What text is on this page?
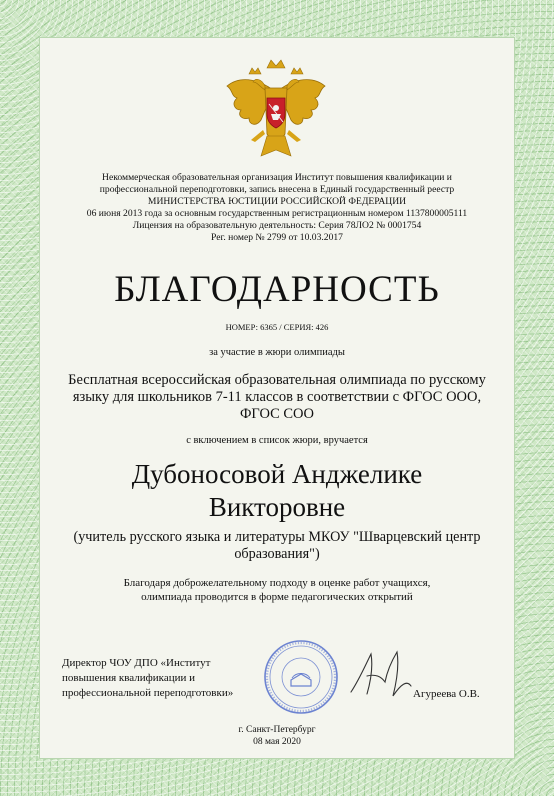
Некоммерческая образовательная организация Институт повышения квалификации и
профессиональной переподготовки, запись внесена в Единый государственный реестр
МИНИСТЕРСТВА ЮСТИЦИИ РОССИЙСКОЙ ФЕДЕРАЦИИ
06 июня 2013 года за основным государственным регистрационным номером 1137800005111
Лицензия на образовательную деятельность: Серия 78ЛО2 № 0001754
Рег. номер № 2799 от 10.03.2017
БЛАГОДАРНОСТЬ
НОМЕР: 6365 / СЕРИЯ: 426
за участие в жюри олимпиады
Бесплатная всероссийская образовательная олимпиада по русскому языку для школьников 7-11 классов в соответствии с ФГОС ООО, ФГОС СОО
с включением в список жюри, вручается
Дубоносовой Анджелике
Викторовне
(учитель русского языка и литературы МКОУ "Шварцевский центр образования")
Благодаря доброжелательному подходу в оценке работ учащихся,
олимпиада проводится в форме педагогических открытий
Директор ЧОУ ДПО «Институт
повышения квалификации и
профессиональной переподготовки»	Агуреева О.В.
г. Санкт-Петербург
08 мая 2020
